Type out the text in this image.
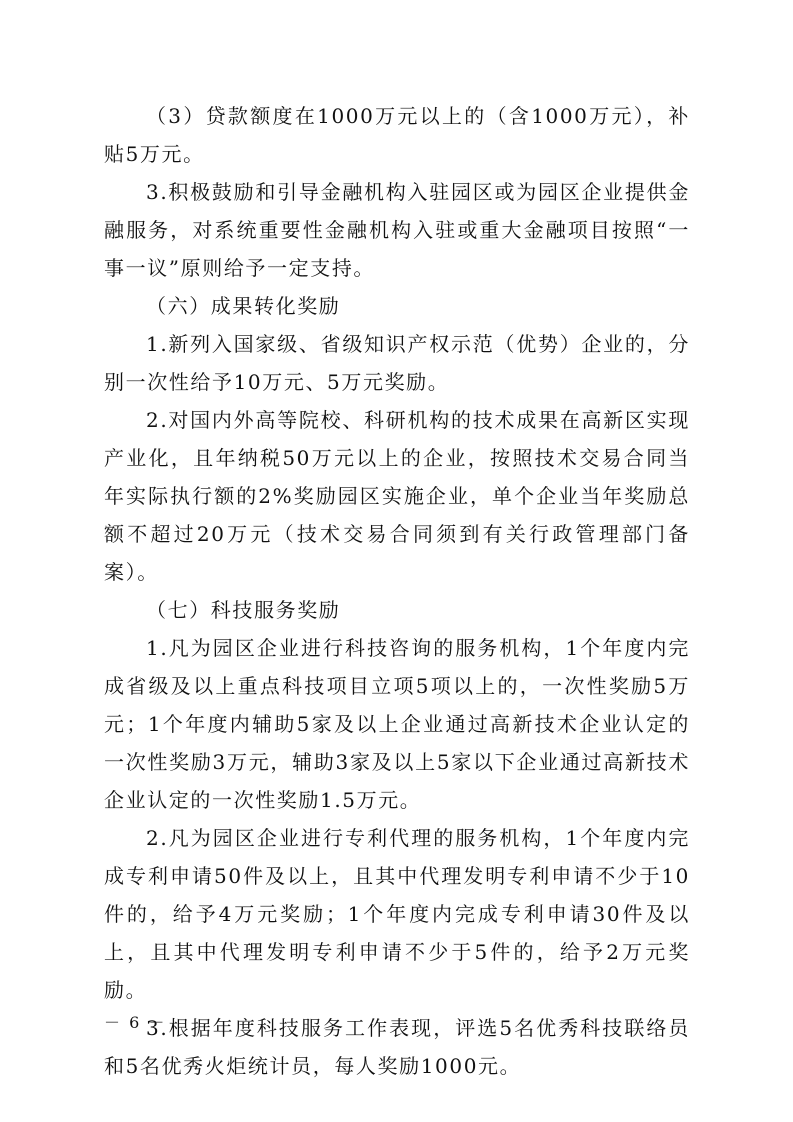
（3）贷款额度在1000万元以上的（含1000万元），补贴5万元。

3.积极鼓励和引导金融机构入驻园区或为园区企业提供金融服务，对系统重要性金融机构入驻或重大金融项目按照“一事一议”原则给予一定支持。

（六）成果转化奖励

1.新列入国家级、省级知识产权示范（优势）企业的，分别一次性给予10万元、5万元奖励。

2.对国内外高等院校、科研机构的技术成果在高新区实现产业化，且年纳税50万元以上的企业，按照技术交易合同当年实际执行额的2%奖励园区实施企业，单个企业当年奖励总额不超过20万元（技术交易合同须到有关行政管理部门备案）。

（七）科技服务奖励

1.凡为园区企业进行科技咨询的服务机构，1个年度内完成省级及以上重点科技项目立项5项以上的，一次性奖励5万元；1个年度内辅助5家及以上企业通过高新技术企业认定的一次性奖励3万元，辅助3家及以上5家以下企业通过高新技术企业认定的一次性奖励1.5万元。

2.凡为园区企业进行专利代理的服务机构，1个年度内完成专利申请50件及以上，且其中代理发明专利申请不少于10件的，给予4万元奖励；1个年度内完成专利申请30件及以上，且其中代理发明专利申请不少于5件的，给予2万元奖励。

3.根据年度科技服务工作表现，评选5名优秀科技联络员和5名优秀火炬统计员，每人奖励1000元。

－ 6 －
